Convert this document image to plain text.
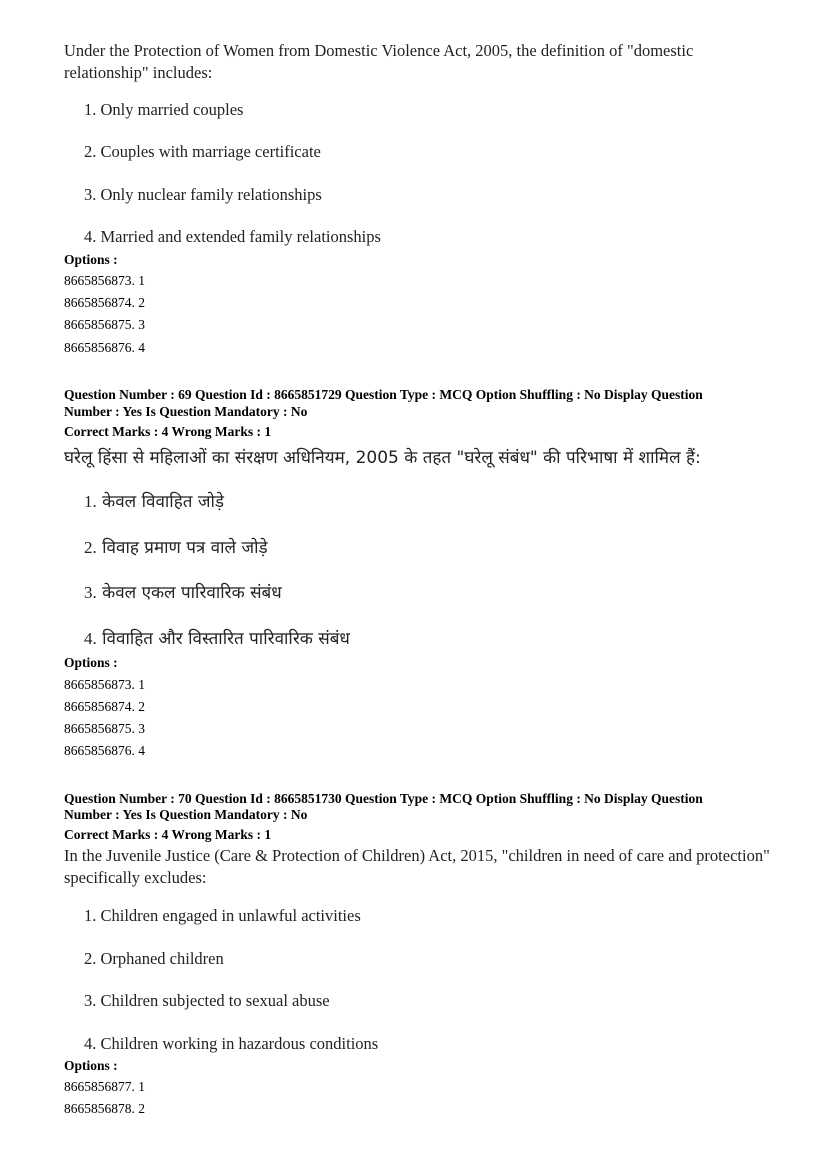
Under the Protection of Women from Domestic Violence Act, 2005, the definition of "domestic relationship" includes:
1. Only married couples
2. Couples with marriage certificate
3. Only nuclear family relationships
4. Married and extended family relationships
Options :
8665856873. 1
8665856874. 2
8665856875. 3
8665856876. 4
Question Number : 69 Question Id : 8665851729 Question Type : MCQ Option Shuffling : No Display Question
Number : Yes Is Question Mandatory : No
Correct Marks : 4 Wrong Marks : 1
घरेलू हिंसा से महिलाओं का संरक्षण अधिनियम, 2005 के तहत "घरेलू संबंध" की परिभाषा में शामिल हैं:
1. केवल विवाहित जोड़े
2. विवाह प्रमाण पत्र वाले जोड़े
3. केवल एकल पारिवारिक संबंध
4. विवाहित और विस्तारित पारिवारिक संबंध
Options :
8665856873. 1
8665856874. 2
8665856875. 3
8665856876. 4
Question Number : 70 Question Id : 8665851730 Question Type : MCQ Option Shuffling : No Display Question
Number : Yes Is Question Mandatory : No
Correct Marks : 4 Wrong Marks : 1
In the Juvenile Justice (Care & Protection of Children) Act, 2015, "children in need of care and protection" specifically excludes:
1. Children engaged in unlawful activities
2. Orphaned children
3. Children subjected to sexual abuse
4. Children working in hazardous conditions
Options :
8665856877. 1
8665856878. 2
